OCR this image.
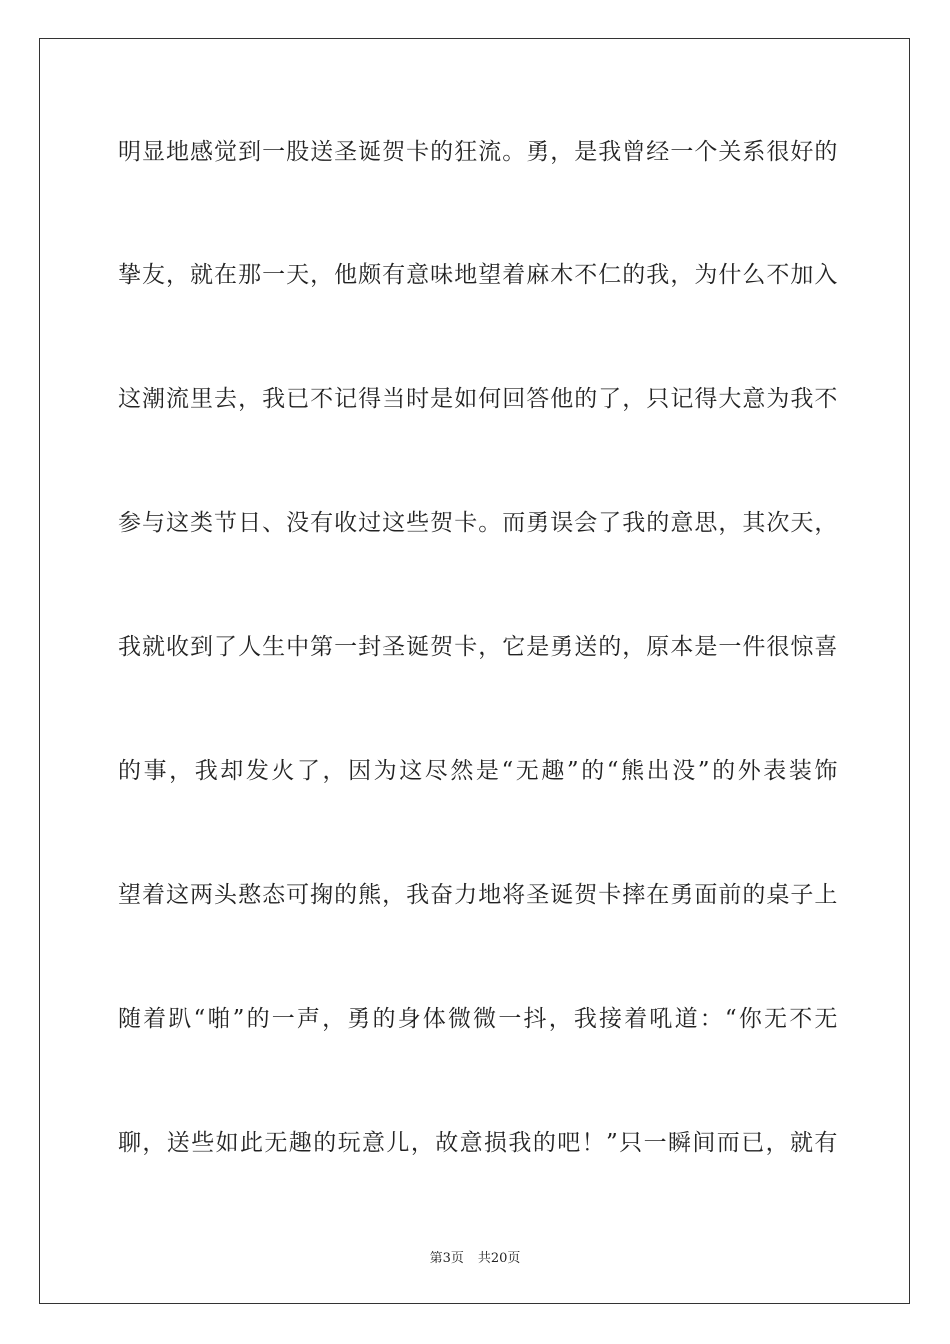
明显地感觉到一股送圣诞贺卡的狂流。勇，是我曾经一个关系很好的
挚友，就在那一天，他颇有意味地望着麻木不仁的我，为什么不加入
这潮流里去，我已不记得当时是如何回答他的了，只记得大意为我不
参与这类节日、没有收过这些贺卡。而勇误会了我的意思，其次天，
我就收到了人生中第一封圣诞贺卡，它是勇送的，原本是一件很惊喜
的事，我却发火了，因为这尽然是“无趣”的“熊出没”的外表装饰
望着这两头憨态可掬的熊，我奋力地将圣诞贺卡摔在勇面前的桌子上
随着趴“啪”的一声，勇的身体微微一抖，我接着吼道：“你无不无
聊，送些如此无趣的玩意儿，故意损我的吧！”只一瞬间而已，就有
第3页 共20页
